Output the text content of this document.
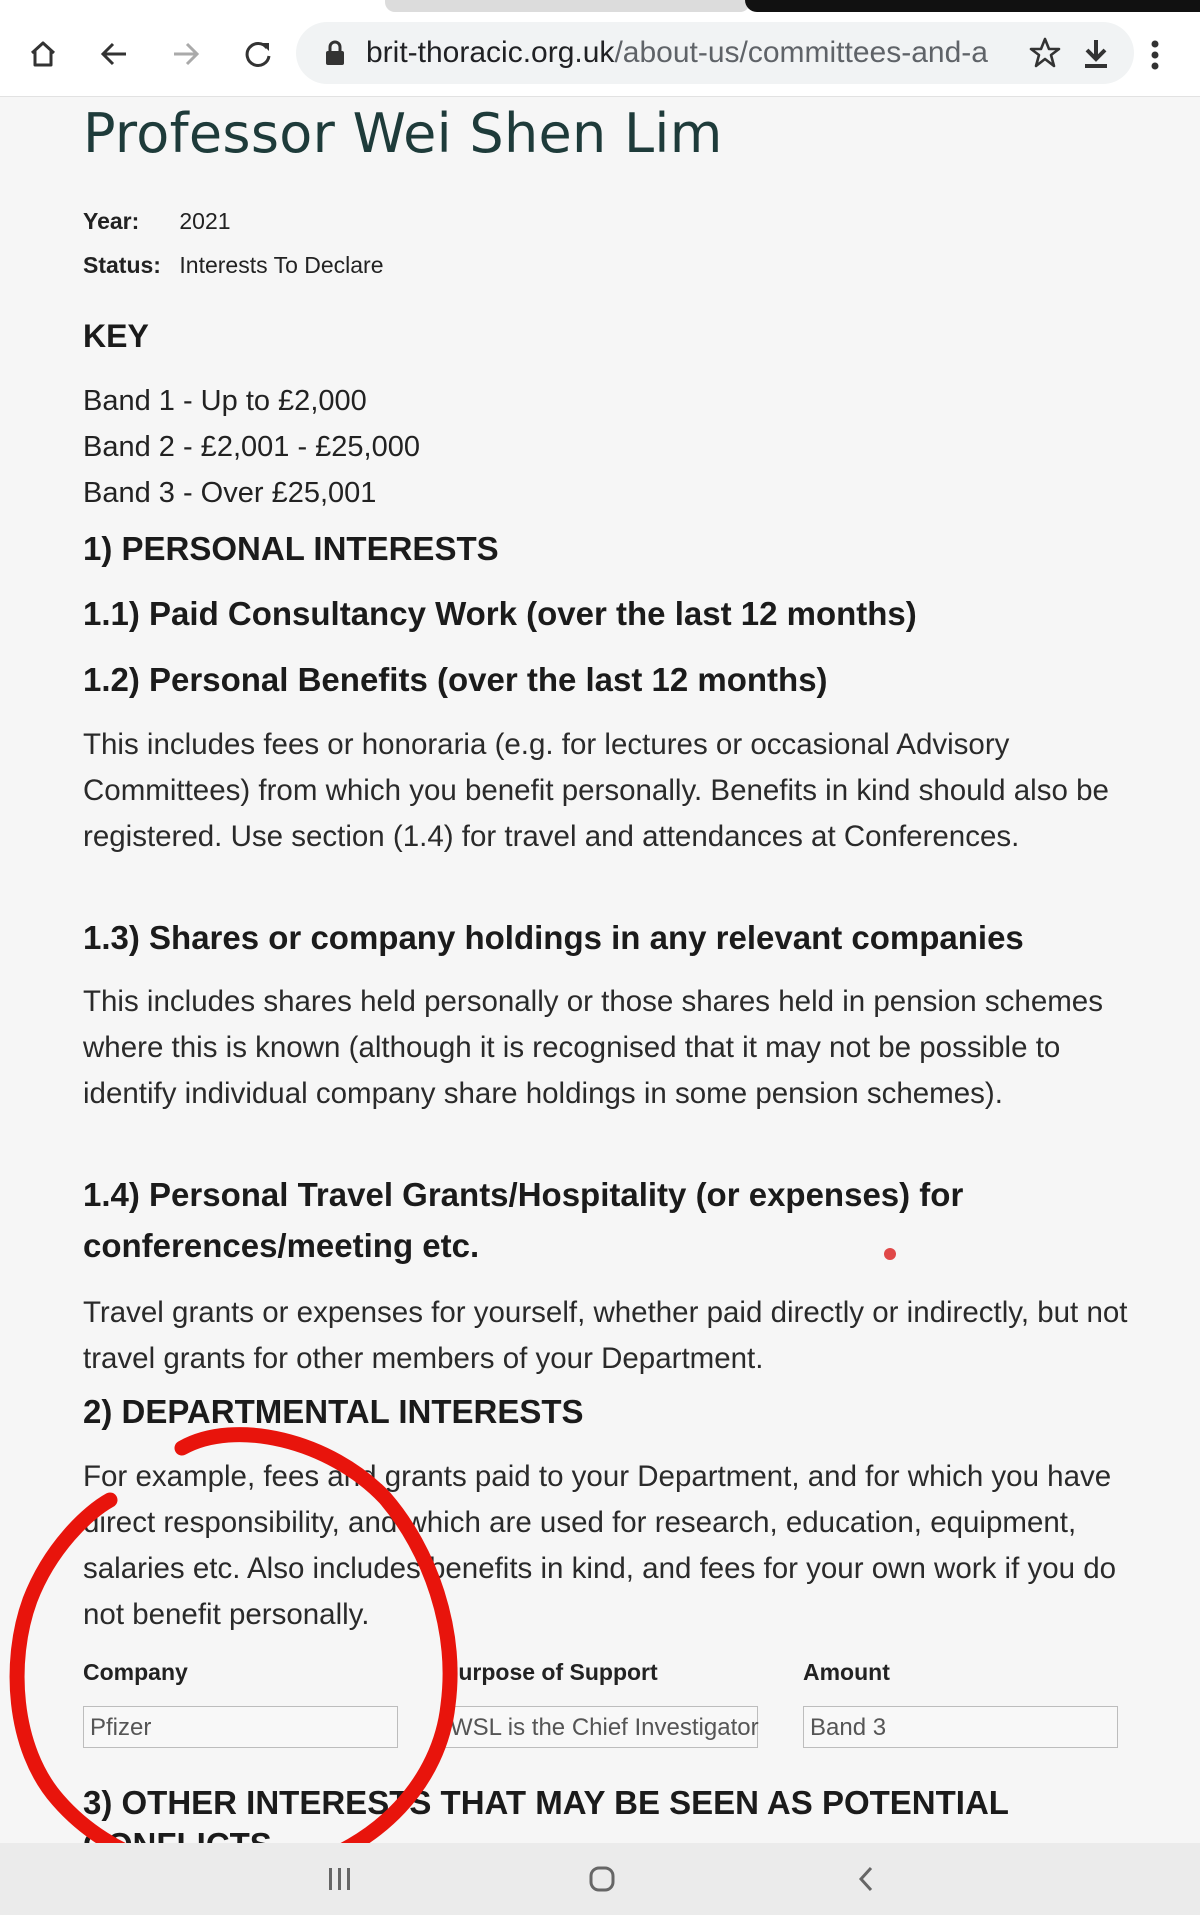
brit-thoracic.org.uk/about-us/committees-and-a
Professor Wei Shen Lim
Year: 2021
Status: Interests To Declare
KEY
Band 1 - Up to £2,000
Band 2 - £2,001 - £25,000
Band 3 - Over £25,001
1) PERSONAL INTERESTS
1.1) Paid Consultancy Work (over the last 12 months)
1.2) Personal Benefits (over the last 12 months)
This includes fees or honoraria (e.g. for lectures or occasional Advisory Committees) from which you benefit personally. Benefits in kind should also be registered. Use section (1.4) for travel and attendances at Conferences.
1.3) Shares or company holdings in any relevant companies
This includes shares held personally or those shares held in pension schemes where this is known (although it is recognised that it may not be possible to identify individual company share holdings in some pension schemes).
1.4) Personal Travel Grants/Hospitality (or expenses) for
conferences/meeting etc.
Travel grants or expenses for yourself, whether paid directly or indirectly, but not travel grants for other members of your Department.
2) DEPARTMENTAL INTERESTS
For example, fees and grants paid to your Department, and for which you have direct responsibility, and which are used for research, education, equipment, salaries etc. Also includes benefits in kind, and fees for your own work if you do not benefit personally.
Company	Purpose of Support	Amount
Pfizer	WSL is the Chief Investigator Band 3
3) OTHER INTERESTS THAT MAY BE SEEN AS POTENTIAL
